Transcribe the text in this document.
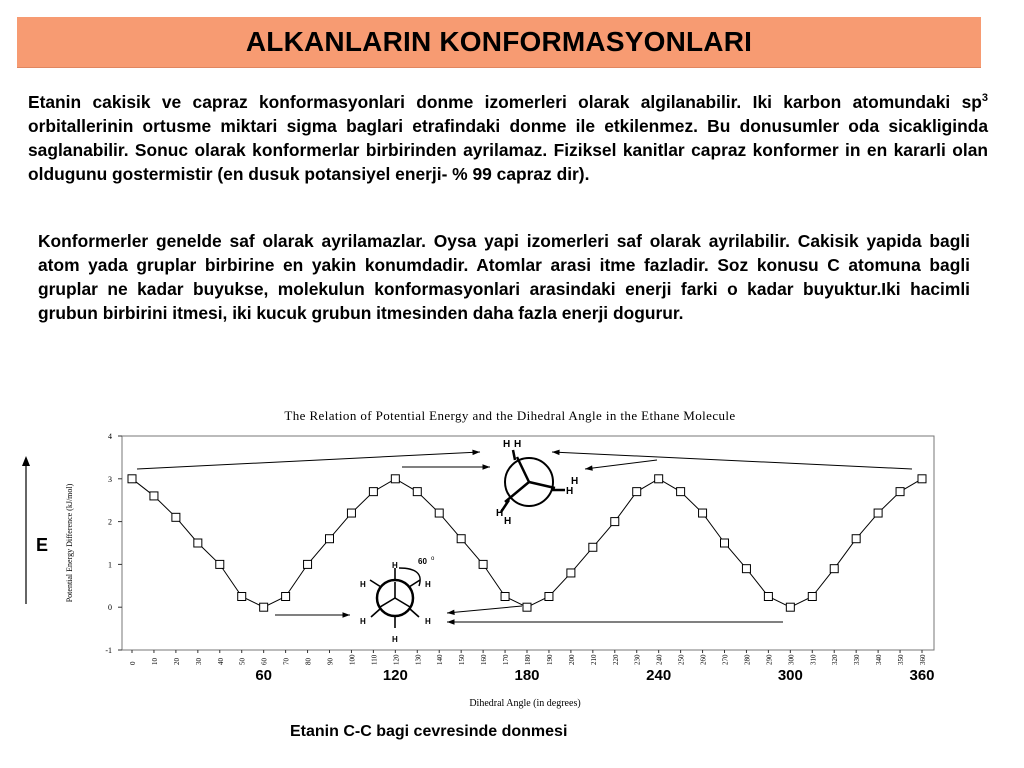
ALKANLARIN KONFORMASYONLARI

Etanin cakisik ve capraz konformasyonlari donme izomerleri olarak algilanabilir. Iki karbon atomundaki $sp^3$ orbitallerinin ortusme miktari sigma baglari etrafindaki donme ile etkilenmez. Bu donusumler oda sicakliginda saglanabilir. Sonuc olarak konformerlar birbirinden ayrilamaz. Fiziksel kanitlar capraz konformer in en kararli olan oldugunu gostermistir (en dusuk potansiyel enerji- % 99 capraz dir).

Konformerler genelde saf olarak ayrilamazlar. Oysa yapi izomerleri saf olarak ayrilabilir. Cakisik yapida bagli atom yada gruplar birbirine en yakin konumdadir. Atomlar arasi itme fazladir. Soz konusu C atomuna bagli gruplar ne kadar buyukse, molekulun konformasyonlari arasindaki enerji farki o kadar buyuktur.Iki hacimli grubun birbirini itmesi, iki kucuk grubun itmesinden daha fazla enerji dogurur.

The Relation of Potential Energy and the Dihedral Angle in the Ethane Molecule
-1
0
1
2
3
4
Potential Energy Difference (kJ/mol)
0 10 20 30 40 50 60 70 80 90 100 110 120 130 140 150 160 170 180 190 200 210 220 230 240 250 260 270 280 290 300 310 320 330 340 350 360
60	120	180	240	300	360
Dihedral Angle (in degrees)
E
H H
H
H
H
H
H
H	H
H	H
H
60 o
Etanin C-C bagi cevresinde donmesi
